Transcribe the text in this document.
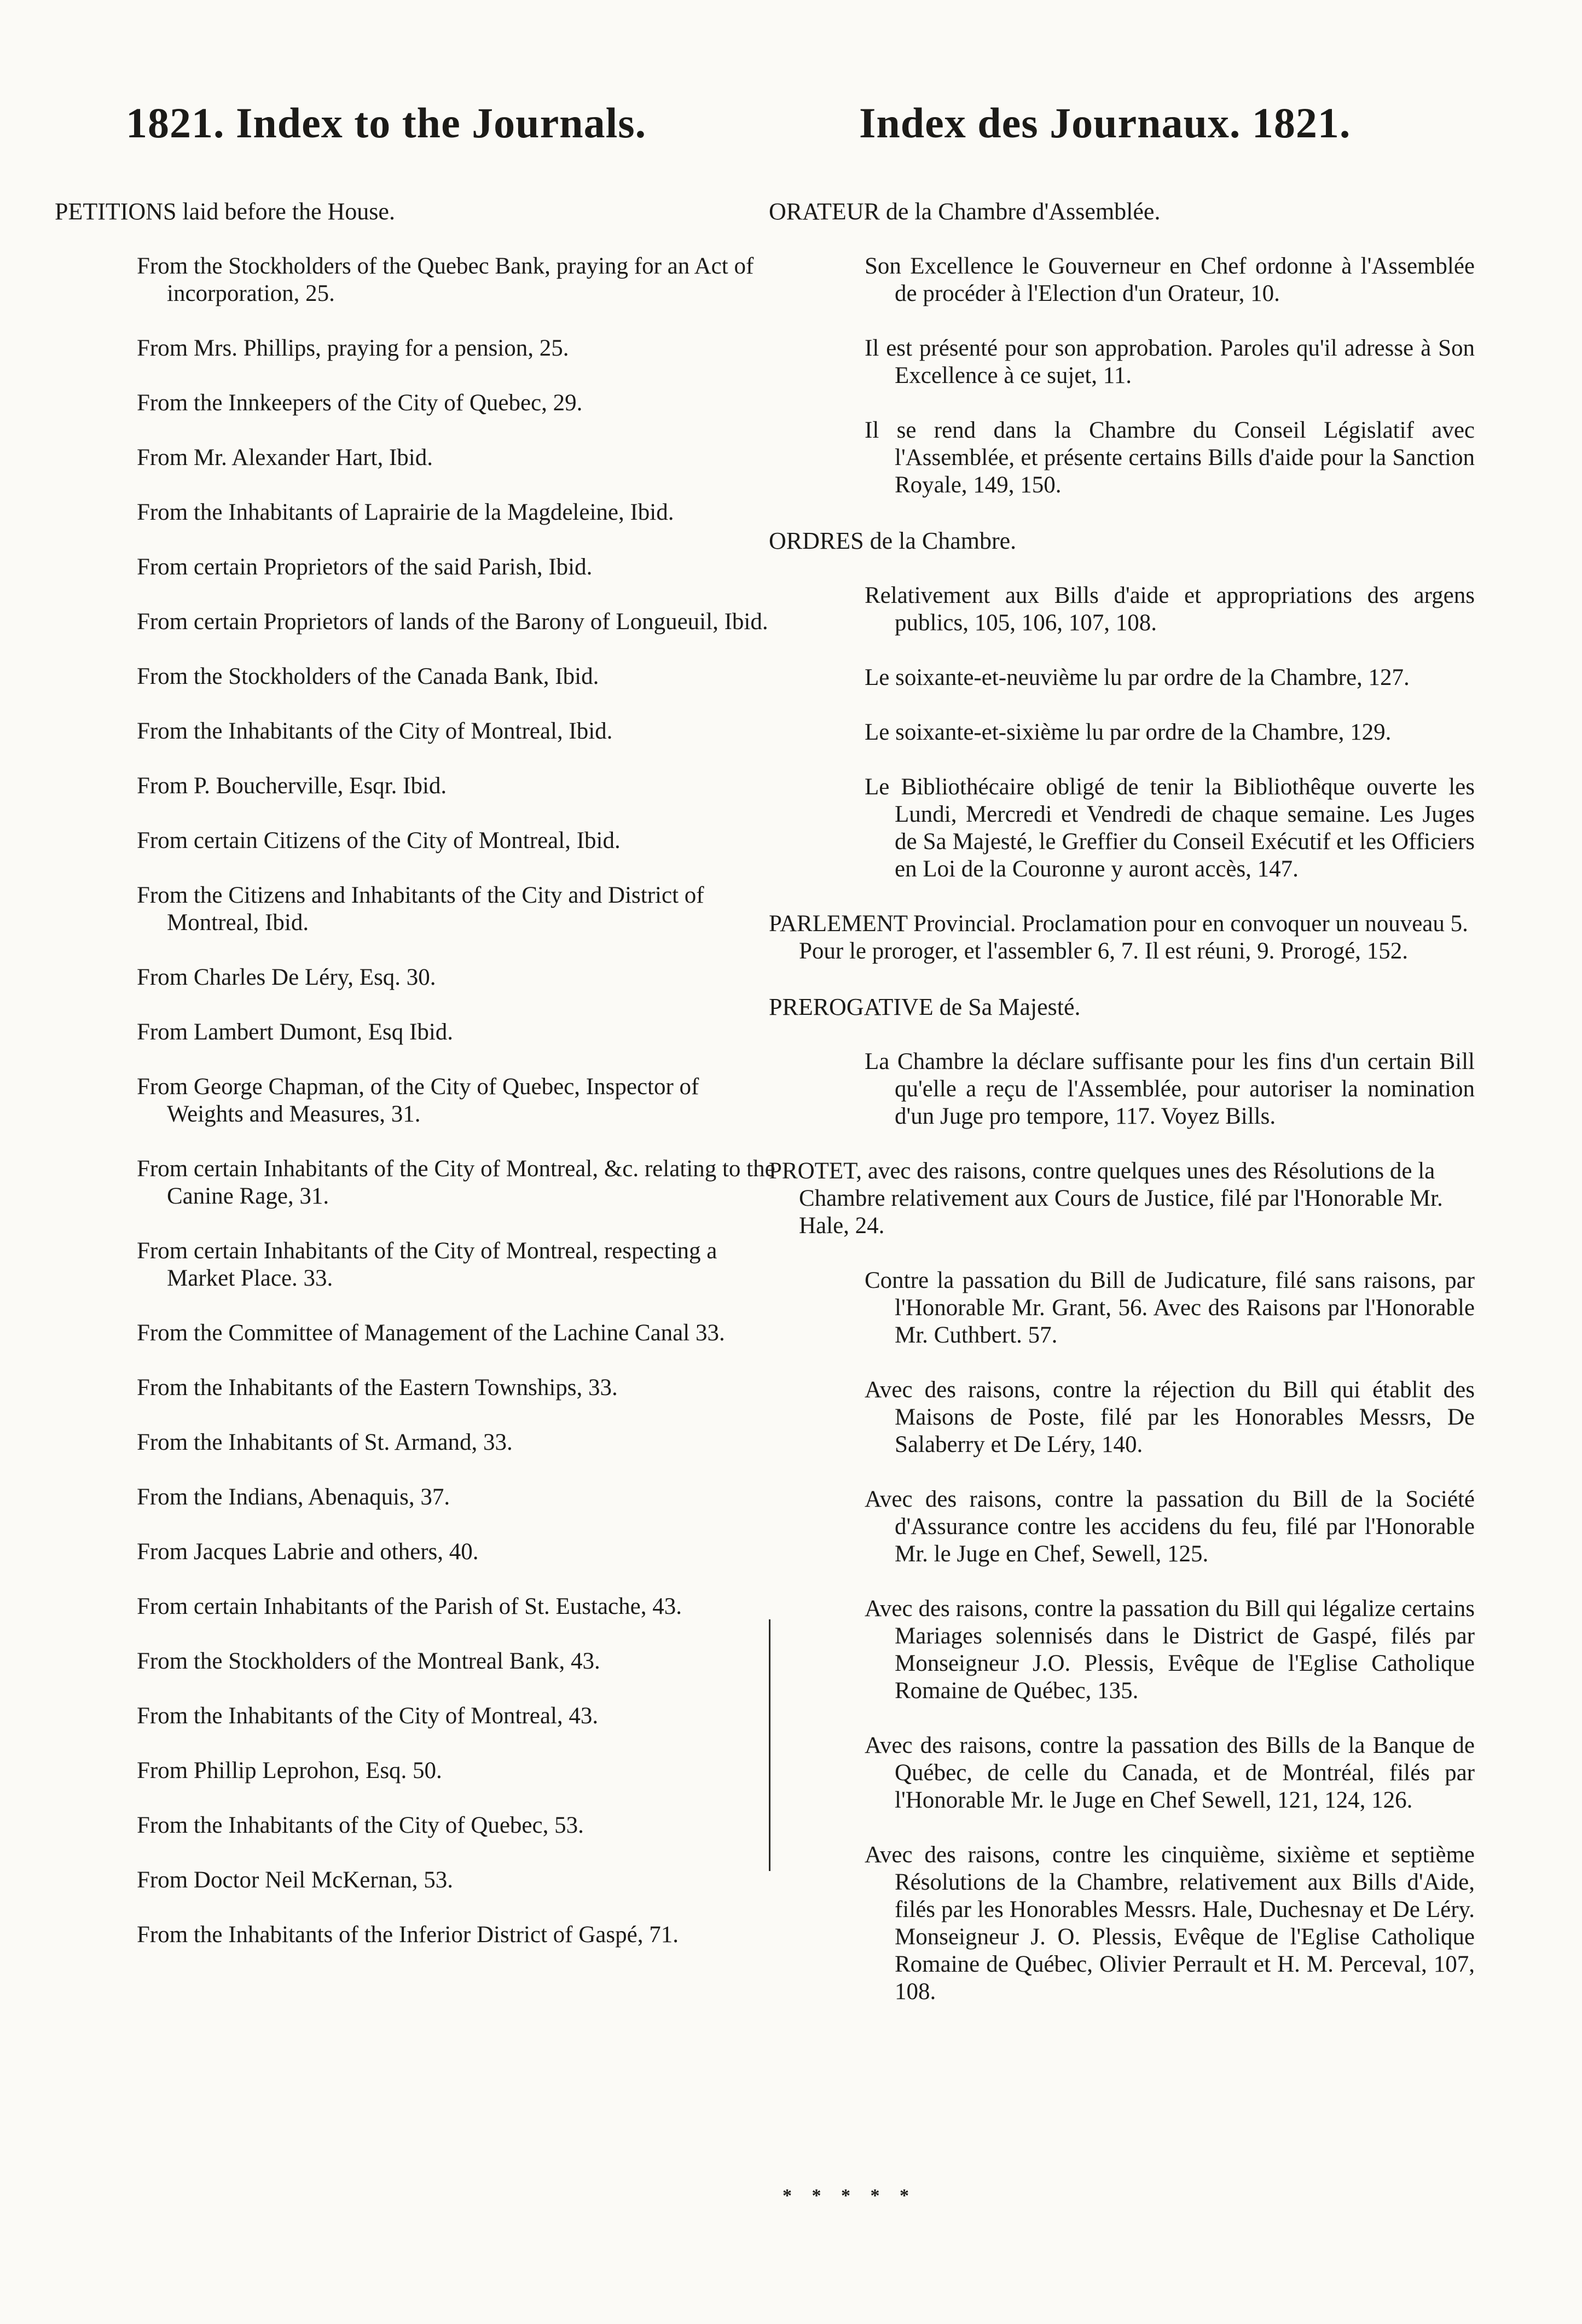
1821. Index to the Journals.	Index des Journaux. 1821.
PETITIONS laid before the House.
From the Stockholders of the Quebec Bank, praying for an Act of incorporation, 25.
From Mrs. Phillips, praying for a pension, 25.
From the Innkeepers of the City of Quebec, 29.
From Mr. Alexander Hart, Ibid.
From the Inhabitants of Laprairie de la Magdeleine, Ibid.
From certain Proprietors of the said Parish, Ibid.
From certain Proprietors of lands of the Barony of Longueuil, Ibid.
From the Stockholders of the Canada Bank, Ibid.
From the Inhabitants of the City of Montreal, Ibid.
From P. Boucherville, Esqr. Ibid.
From certain Citizens of the City of Montreal, Ibid.
From the Citizens and Inhabitants of the City and District of Montreal, Ibid.
From Charles De Léry, Esq. 30.
From Lambert Dumont, Esq Ibid.
From George Chapman, of the City of Quebec, Inspector of Weights and Measures, 31.
From certain Inhabitants of the City of Montreal, &c. relating to the Canine Rage, 31.
From certain Inhabitants of the City of Montreal, respecting a Market Place. 33.
From the Committee of Management of the Lachine Canal 33.
From the Inhabitants of the Eastern Townships, 33.
From the Inhabitants of St. Armand, 33.
From the Indians, Abenaquis, 37.
From Jacques Labrie and others, 40.
From certain Inhabitants of the Parish of St. Eustache, 43.
From the Stockholders of the Montreal Bank, 43.
From the Inhabitants of the City of Montreal, 43.
From Phillip Leprohon, Esq. 50.
From the Inhabitants of the City of Quebec, 53.
From Doctor Neil McKernan, 53.
From the Inhabitants of the Inferior District of Gaspé, 71.
ORATEUR de la Chambre d'Assemblée.
Son Excellence le Gouverneur en Chef ordonne à l'Assemblée de procéder à l'Election d'un Orateur, 10.
Il est présenté pour son approbation. Paroles qu'il adresse à Son Excellence à ce sujet, 11.
Il se rend dans la Chambre du Conseil Législatif avec l'Assemblée, et présente certains Bills d'aide pour la Sanction Royale, 149, 150.
ORDRES de la Chambre.
Relativement aux Bills d'aide et appropriations des argens publics, 105, 106, 107, 108.
Le soixante-et-neuvième lu par ordre de la Chambre, 127.
Le soixante-et-sixième lu par ordre de la Chambre, 129.
Le Bibliothécaire obligé de tenir la Bibliothêque ouverte les Lundi, Mercredi et Vendredi de chaque semaine. Les Juges de Sa Majesté, le Greffier du Conseil Exécutif et les Officiers en Loi de la Couronne y auront accès, 147.
PARLEMENT Provincial. Proclamation pour en convoquer un nouveau 5. Pour le proroger, et l'assembler 6, 7. Il est réuni, 9. Prorogé, 152.
PREROGATIVE de Sa Majesté.
La Chambre la déclare suffisante pour les fins d'un certain Bill qu'elle a reçu de l'Assemblée, pour autoriser la nomination d'un Juge pro tempore, 117. Voyez Bills.
PROTET, avec des raisons, contre quelques unes des Résolutions de la Chambre relativement aux Cours de Justice, filé par l'Honorable Mr. Hale, 24.
Contre la passation du Bill de Judicature, filé sans raisons, par l'Honorable Mr. Grant, 56. Avec des Raisons par l'Honorable Mr. Cuthbert. 57.
Avec des raisons, contre la réjection du Bill qui établit des Maisons de Poste, filé par les Honorables Messrs, De Salaberry et De Léry, 140.
Avec des raisons, contre la passation du Bill de la Société d'Assurance contre les accidens du feu, filé par l'Honorable Mr. le Juge en Chef, Sewell, 125.
Avec des raisons, contre la passation du Bill qui légalize certains Mariages solennisés dans le District de Gaspé, filés par Monseigneur J.O. Plessis, Evêque de l'Eglise Catholique Romaine de Québec, 135.
Avec des raisons, contre la passation des Bills de la Banque de Québec, de celle du Canada, et de Montréal, filés par l'Honorable Mr. le Juge en Chef Sewell, 121, 124, 126.
Avec des raisons, contre les cinquième, sixième et septième Résolutions de la Chambre, relativement aux Bills d'Aide, filés par les Honorables Messrs. Hale, Duchesnay et De Léry. Monseigneur J. O. Plessis, Evêque de l'Eglise Catholique Romaine de Québec, Olivier Perrault et H. M. Perceval, 107, 108.
* * * * *
